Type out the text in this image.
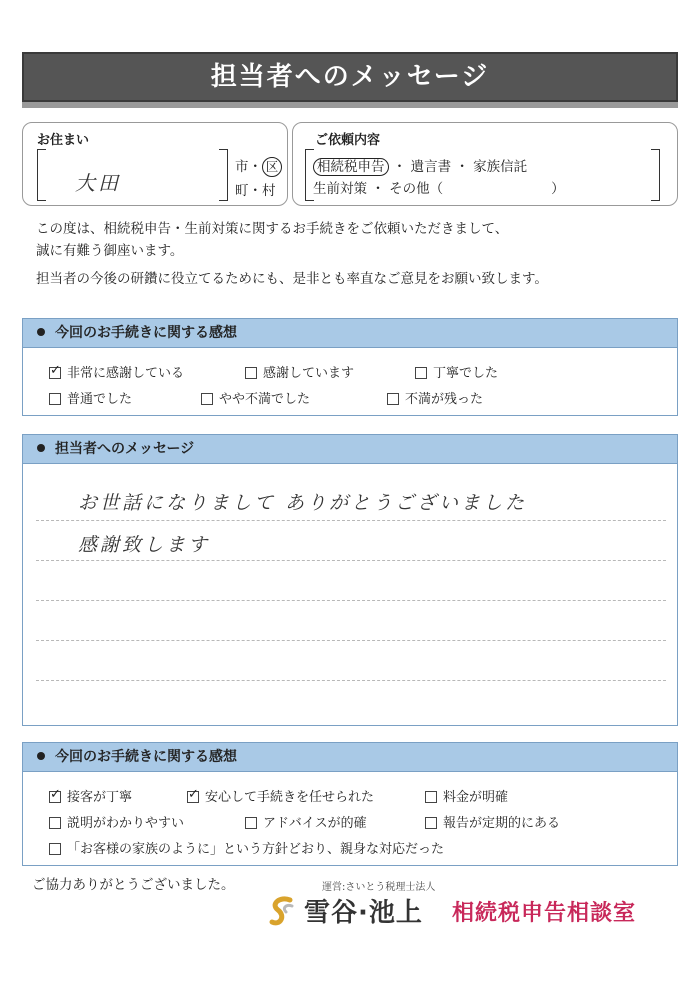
担当者へのメッセージ
お住まい
大田
市・ 区
町・村
ご依頼内容
相続税申告 ・ 遺言書 ・ 家族信託
生前対策 ・ その他（　　　　　　　　）
この度は、相続税申告・生前対策に関するお手続きをご依頼いただきまして、
誠に有難う御座います。
担当者の今後の研鑽に役立てるためにも、是非とも率直なご意見をお願い致します。
今回のお手続きに関する感想
✓非常に感謝している	感謝しています	丁寧でした
普通でした	やや不満でした	不満が残った
担当者へのメッセージ
お世話になりまして ありがとうございました
感謝致します
今回のお手続きに関する感想
✓接客が丁寧
✓	安心して手続きを任せられた	料金が明確
説明がわかりやすい	アドバイスが的確	報告が定期的にある
「お客様の家族のように」という方針どおり、親身な対応だった
ご協力ありがとうございました。	運営:さいとう税理士法人
雪谷·池上 相続税申告相談室
